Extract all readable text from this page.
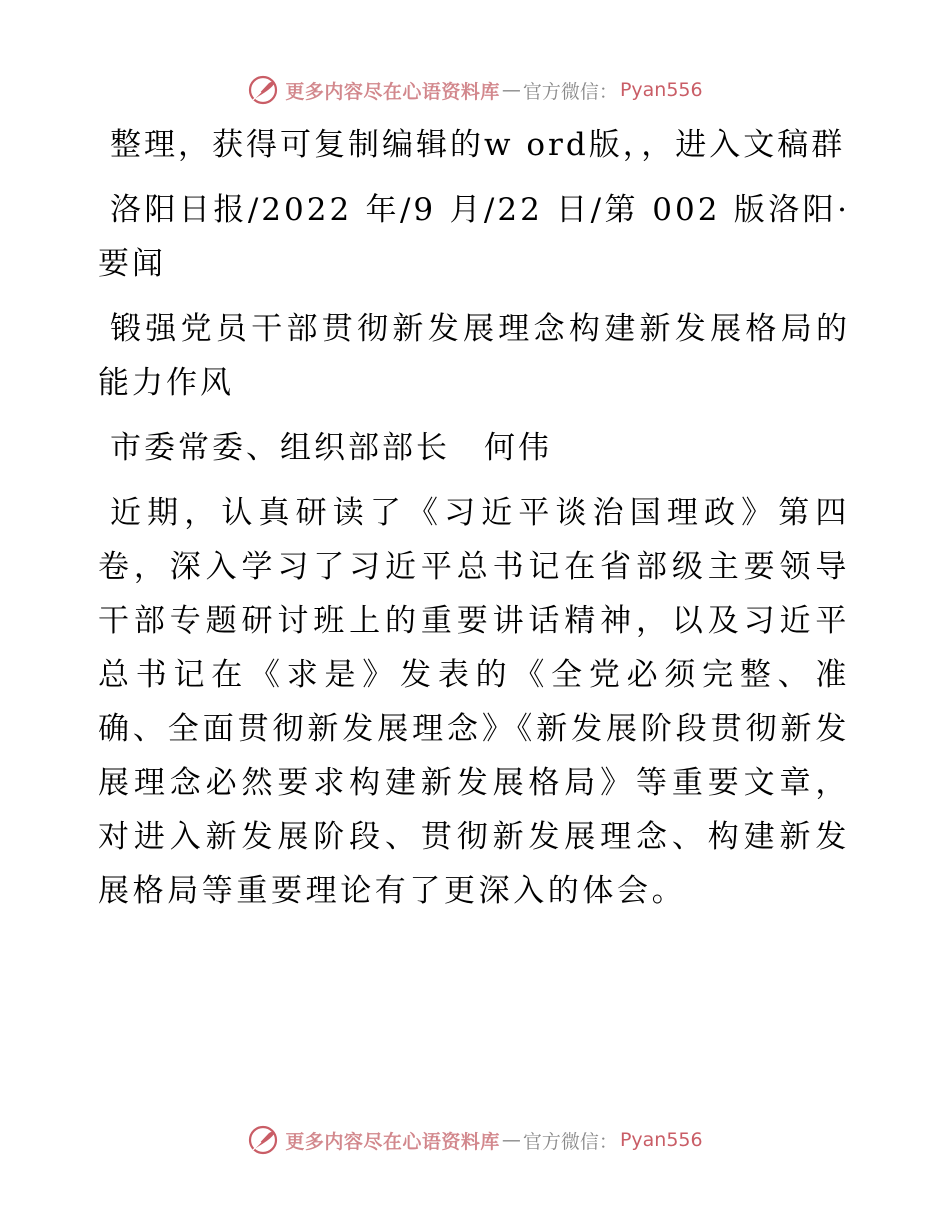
更多内容尽在心语资料库 — 官方微信： Pyan556

整理，获得可复制编辑的w ord版，，进入文稿群

洛阳日报/2022 年/9 月/22 日/第 002 版洛阳·要闻

锻强党员干部贯彻新发展理念构建新发展格局的能力作风

市委常委、组织部部长　何伟

近期，认真研读了《习近平谈治国理政》第四卷，深入学习了习近平总书记在省部级主要领导干部专题研讨班上的重要讲话精神，以及习近平总书记在《求是》发表的《全党必须完整、准确、全面贯彻新发展理念》《新发展阶段贯彻新发展理念必然要求构建新发展格局》等重要文章，对进入新发展阶段、贯彻新发展理念、构建新发展格局等重要理论有了更深入的体会。

更多内容尽在心语资料库 — 官方微信： Pyan556
